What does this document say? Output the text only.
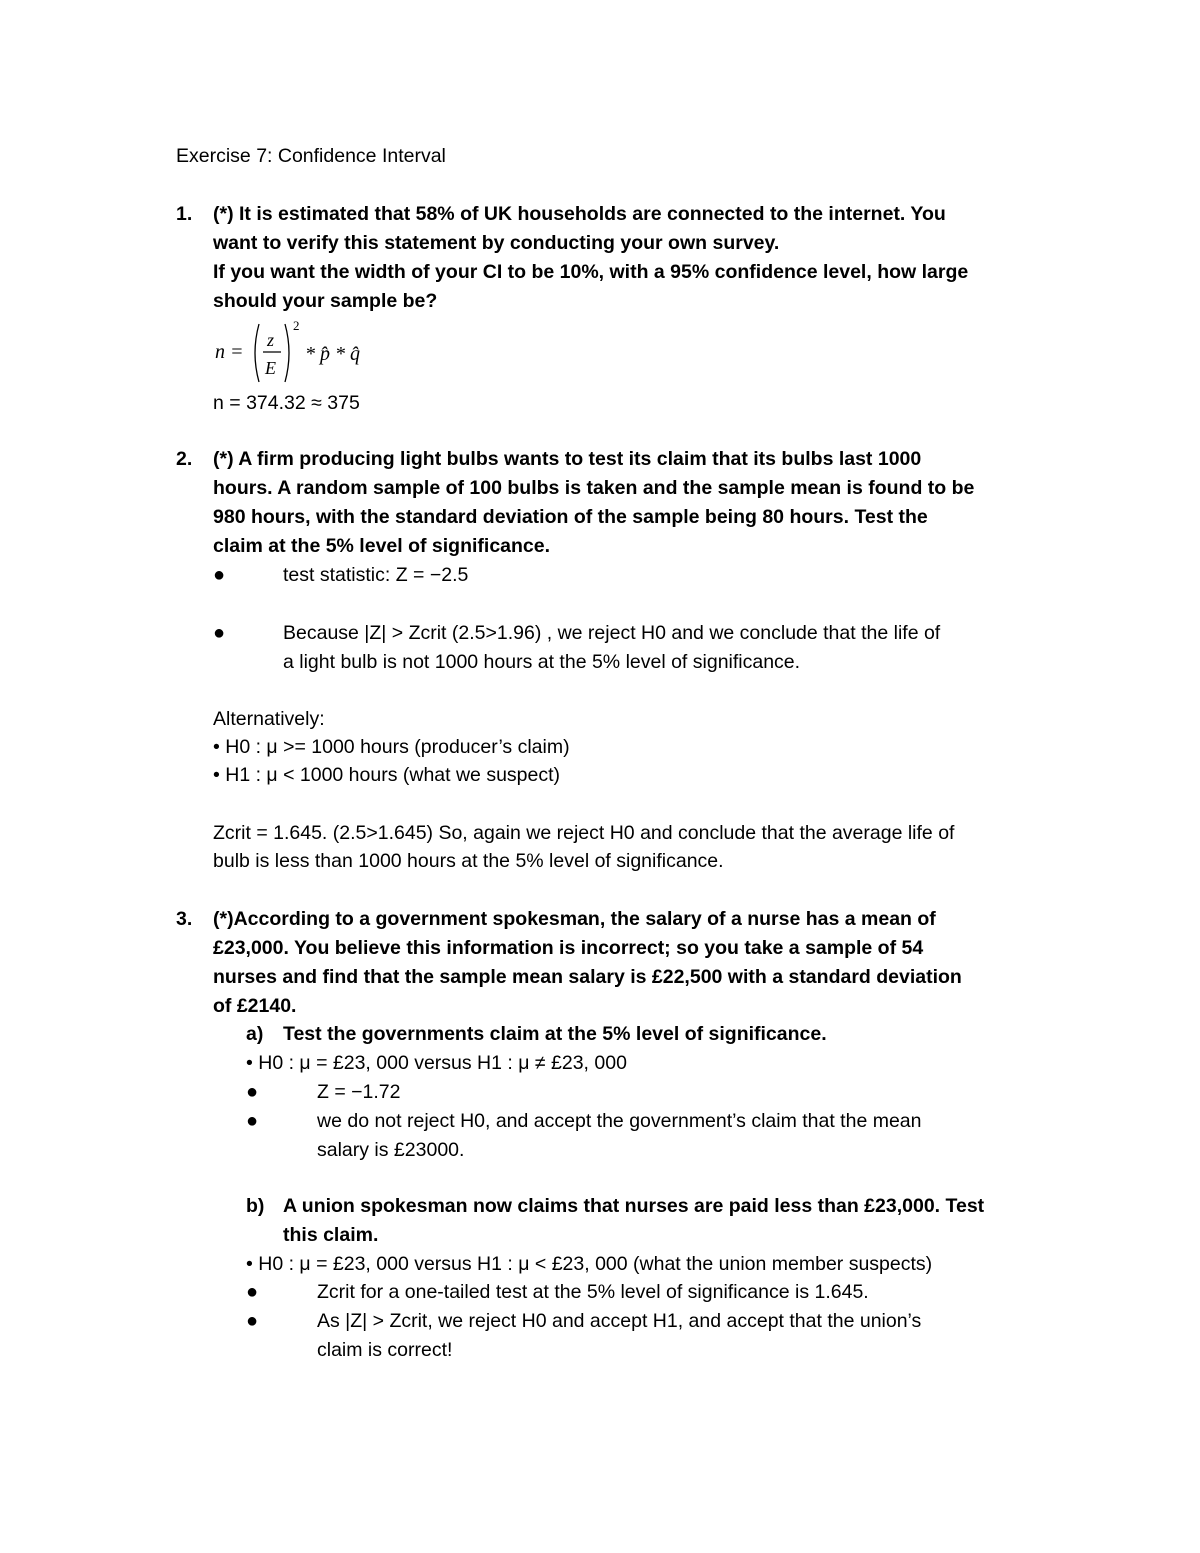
Exercise 7: Confidence Interval
1. (*) It is estimated that 58% of UK households are connected to the internet. You
want to verify this statement by conducting your own survey.
If you want the width of your CI to be 10%, with a 95% confidence level, how large
should your sample be?
n =
z
E
2
* p̂ * q̂
n = 374.32 ≈ 375
2. (*) A firm producing light bulbs wants to test its claim that its bulbs last 1000
hours. A random sample of 100 bulbs is taken and the sample mean is found to be
980 hours, with the standard deviation of the sample being 80 hours. Test the
claim at the 5% level of significance.
●	test statistic: Z = −2.5
●	Because |Z| > Zcrit (2.5>1.96) , we reject H0 and we conclude that the life of
a light bulb is not 1000 hours at the 5% level of significance.
Alternatively:
• H0 : μ >= 1000 hours (producer’s claim)
• H1 : μ < 1000 hours (what we suspect)
Zcrit = 1.645. (2.5>1.645) So, again we reject H0 and conclude that the average life of
bulb is less than 1000 hours at the 5% level of significance.
3. (*)According to a government spokesman, the salary of a nurse has a mean of
£23,000. You believe this information is incorrect; so you take a sample of 54
nurses and find that the sample mean salary is £22,500 with a standard deviation
of £2140.
a) Test the governments claim at the 5% level of significance.
• H0 : μ = £23, 000 versus H1 : μ ≠ £23, 000
●	Z = −1.72
●	we do not reject H0, and accept the government’s claim that the mean
salary is £23000.
b) A union spokesman now claims that nurses are paid less than £23,000. Test
this claim.
• H0 : μ = £23, 000 versus H1 : μ < £23, 000 (what the union member suspects)
●	Zcrit for a one-tailed test at the 5% level of significance is 1.645.
●	As |Z| > Zcrit, we reject H0 and accept H1, and accept that the union’s
claim is correct!
